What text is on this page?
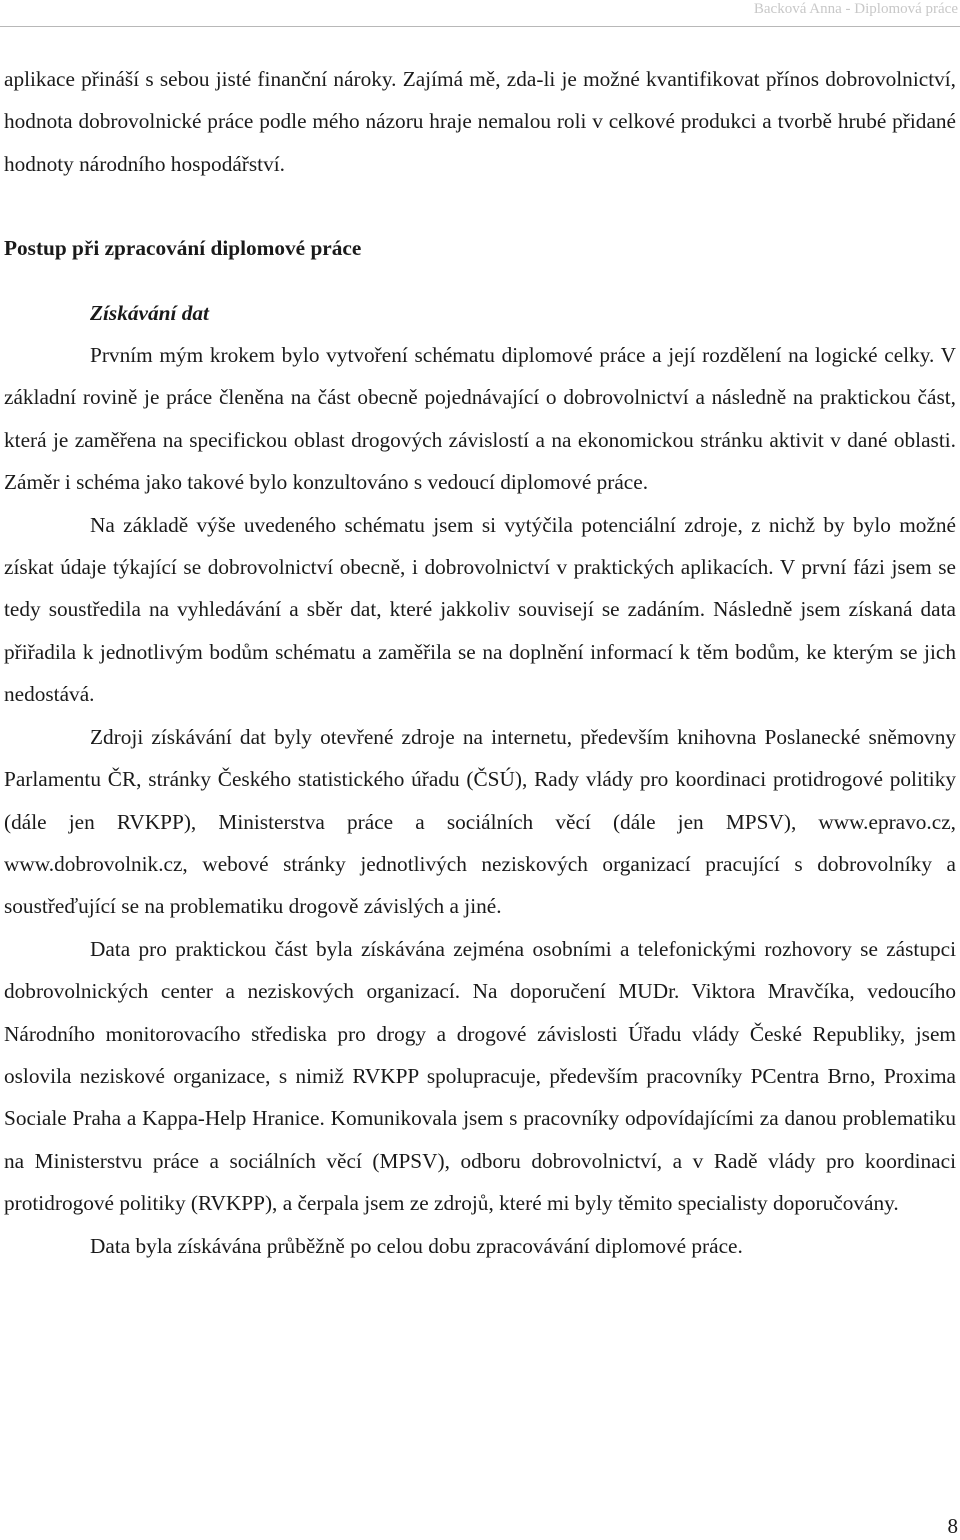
Backová Anna - Diplomová práce

aplikace přináší s sebou jisté finanční nároky. Zajímá mě, zda-li je možné kvantifikovat přínos dobrovolnictví, hodnota dobrovolnické práce podle mého názoru hraje nemalou roli v celkové produkci a tvorbě hrubé přidané hodnoty národního hospodářství.

Postup při zpracování diplomové práce

Získávání dat

Prvním mým krokem bylo vytvoření schématu diplomové práce a její rozdělení na logické celky. V základní rovině je práce členěna na část obecně pojednávající o dobrovolnictví a následně na praktickou část, která je zaměřena na specifickou oblast drogových závislostí a na ekonomickou stránku aktivit v dané oblasti. Záměr i schéma jako takové bylo konzultováno s vedoucí diplomové práce.

Na základě výše uvedeného schématu jsem si vytýčila potenciální zdroje, z nichž by bylo možné získat údaje týkající se dobrovolnictví obecně, i dobrovolnictví v praktických aplikacích. V první fázi jsem se tedy soustředila na vyhledávání a sběr dat, které jakkoliv souvisejí se zadáním. Následně jsem získaná data přiřadila k jednotlivým bodům schématu a zaměřila se na doplnění informací k těm bodům, ke kterým se jich nedostává.

Zdroji získávání dat byly otevřené zdroje na internetu, především knihovna Poslanecké sněmovny Parlamentu ČR, stránky Českého statistického úřadu (ČSÚ), Rady vlády pro koordinaci protidrogové politiky (dále jen RVKPP), Ministerstva práce a sociálních věcí (dále jen MPSV), www.epravo.cz, www.dobrovolnik.cz, webové stránky jednotlivých neziskových organizací pracující s dobrovolníky a soustřeďující se na problematiku drogově závislých a jiné.

Data pro praktickou část byla získávána zejména osobními a telefonickými rozhovory se zástupci dobrovolnických center a neziskových organizací. Na doporučení MUDr. Viktora Mravčíka, vedoucího Národního monitorovacího střediska pro drogy a drogové závislosti Úřadu vlády České Republiky, jsem oslovila neziskové organizace, s nimiž RVKPP spolupracuje, především pracovníky PCentra Brno, Proxima Sociale Praha a Kappa-Help Hranice. Komunikovala jsem s pracovníky odpovídajícími za danou problematiku na Ministerstvu práce a sociálních věcí (MPSV), odboru dobrovolnictví, a v Radě vlády pro koordinaci protidrogové politiky (RVKPP), a čerpala jsem ze zdrojů, které mi byly těmito specialisty doporučovány.

Data byla získávána průběžně po celou dobu zpracovávání diplomové práce.

8
